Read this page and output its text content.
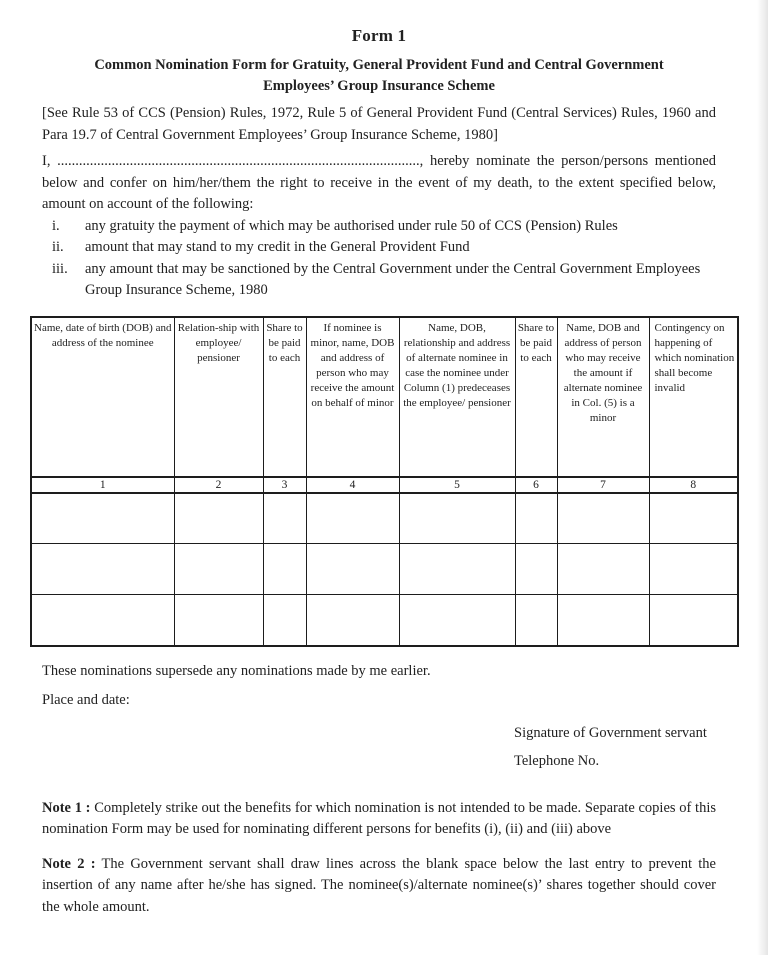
Form 1
Common Nomination Form for Gratuity, General Provident Fund and Central Government Employees’ Group Insurance Scheme

[See Rule 53 of CCS (Pension) Rules, 1972, Rule 5 of General Provident Fund (Central Services) Rules, 1960 and Para 19.7 of Central Government Employees’ Group Insurance Scheme, 1980]

I, ...................................................................................................., hereby nominate the person/persons mentioned below and confer on him/her/them the right to receive in the event of my death, to the extent specified below, amount on account of the following:

i.	any gratuity the payment of which may be authorised under rule 50 of CCS (Pension) Rules
ii.	amount that may stand to my credit in the General Provident Fund
iii.	any amount that may be sanctioned by the Central Government under the Central Government Employees Group Insurance Scheme, 1980
Name, date of birth (DOB) and address of the nominee	Relation-ship with employee/ pensioner	Share to be paid to each	If nominee is minor, name, DOB and address of person who may receive the amount on behalf of minor	Name, DOB, relationship and address of alternate nominee in case the nominee under Column (1) predeceases the employee/ pensioner	Share to be paid to each	Name, DOB and address of person who may receive the amount if alternate nominee in Col. (5) is a minor	Contingency on happening of which nomination shall become invalid
1	2	3	4	5	6	7	8

These nominations supersede any nominations made by me earlier.

Place and date:

Signature of Government servant

Telephone No.

Note 1 : Completely strike out the benefits for which nomination is not intended to be made. Separate copies of this nomination Form may be used for nominating different persons for benefits (i), (ii) and (iii) above

Note 2 : The Government servant shall draw lines across the blank space below the last entry to prevent the insertion of any name after he/she has signed. The nominee(s)/alternate nominee(s)’ shares together should cover the whole amount.
